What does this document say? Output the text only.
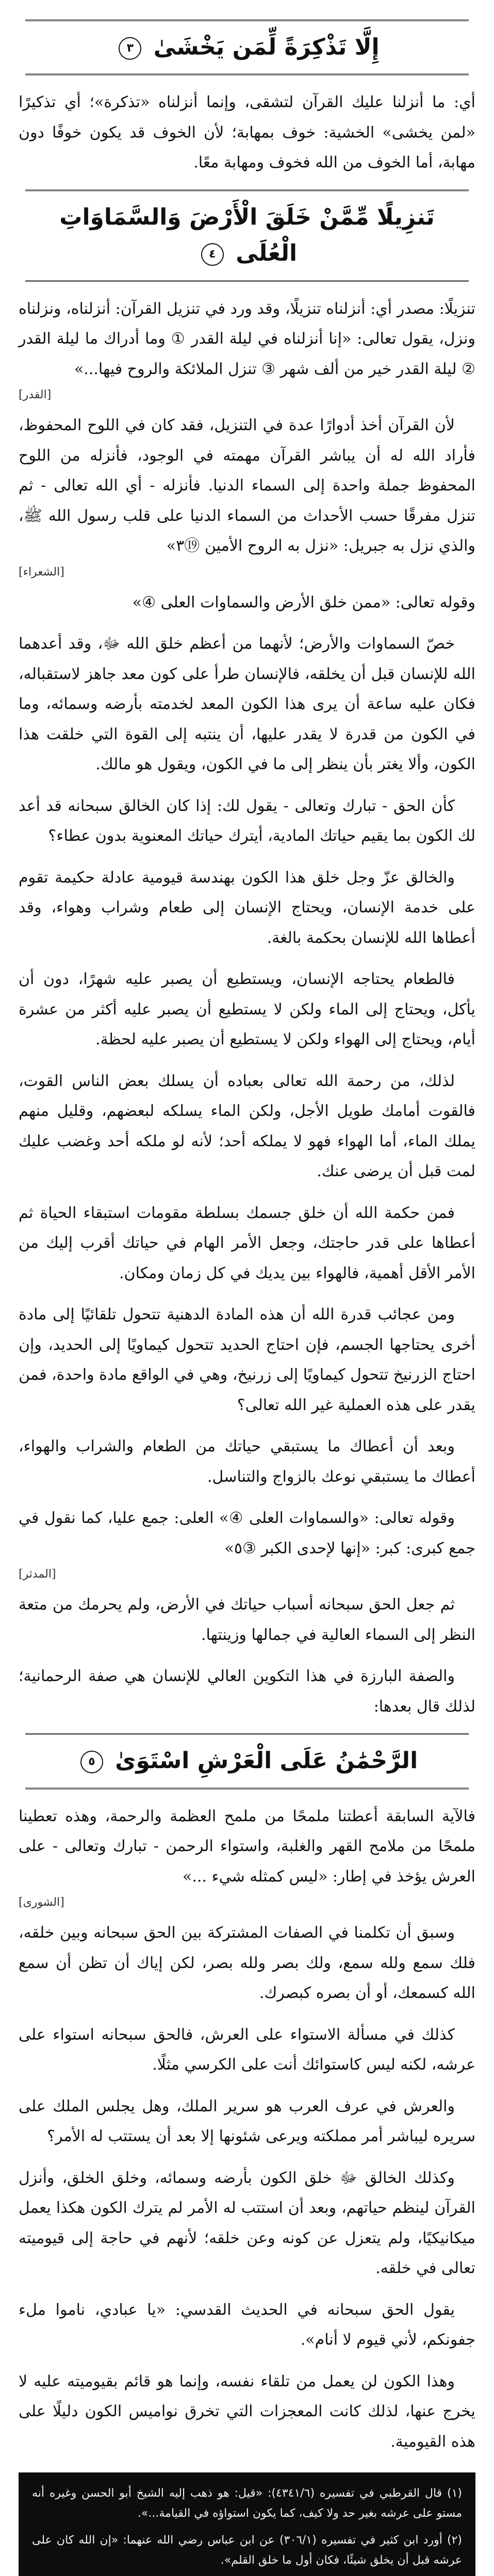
إِلَّا تَذْكِرَةً لِّمَن يَخْشَىٰ ٣

أي: ما أنزلنا عليك القرآن لتشقى، وإنما أنزلناه «تذكرة»؛ أي تذكيرًا «لمن يخشى» الخشية: خوف بمهابة؛ لأن الخوف قد يكون خوفًا دون مهابة، أما الخوف من الله فخوف ومهابة معًا.

تَنزِيلًا مِّمَّنْ خَلَقَ الْأَرْضَ وَالسَّمَاوَاتِ الْعُلَى ٤

تنزيلًا: مصدر أي: أنزلناه تنزيلًا، وقد ورد في تنزيل القرآن: أنزلناه، ونزلناه ونزل، يقول تعالى: «إنا أنزلناه في ليلة القدر ① وما أدراك ما ليلة القدر ② ليلة القدر خير من ألف شهر ③ تنزل الملائكة والروح فيها...»

[القدر]

لأن القرآن أخذ أدوارًا عدة في التنزيل، فقد كان في اللوح المحفوظ، فأراد الله له أن يباشر القرآن مهمته في الوجود، فأنزله من اللوح المحفوظ جملة واحدة إلى السماء الدنيا. فأنزله - أي الله تعالى - ثم تنزل مفرقًا حسب الأحداث من السماء الدنيا على قلب رسول الله ﷺ، والذي نزل به جبريل: «نزل به الروح الأمين ⑲٣»

[الشعراء]

وقوله تعالى: «ممن خلق الأرض والسماوات العلى ④»

خصّ السماوات والأرض؛ لأنهما من أعظم خلق الله ﷻ، وقد أعدهما الله للإنسان قبل أن يخلقه، فالإنسان طرأ على كون معد جاهز لاستقباله، فكان عليه ساعة أن يرى هذا الكون المعد لخدمته بأرضه وسمائه، وما في الكون من قدرة لا يقدر عليها، أن ينتبه إلى القوة التي خلقت هذا الكون، وألا يغتر بأن ينظر إلى ما في الكون، ويقول هو مالك.

كأن الحق - تبارك وتعالى - يقول لك: إذا كان الخالق سبحانه قد أعد لك الكون بما يقيم حياتك المادية، أيترك حياتك المعنوية بدون عطاء؟

والخالق عزّ وجل خلق هذا الكون بهندسة قيومية عادلة حكيمة تقوم على خدمة الإنسان، ويحتاج الإنسان إلى طعام وشراب وهواء، وقد أعطاها الله للإنسان بحكمة بالغة.

فالطعام يحتاجه الإنسان، ويستطيع أن يصبر عليه شهرًا، دون أن يأكل، ويحتاج إلى الماء ولكن لا يستطيع أن يصبر عليه أكثر من عشرة أيام، ويحتاج إلى الهواء ولكن لا يستطيع أن يصبر عليه لحظة.

لذلك، من رحمة الله تعالى بعباده أن يسلك بعض الناس القوت، فالقوت أمامك طويل الأجل، ولكن الماء يسلكه لبعضهم، وقليل منهم يملك الماء، أما الهواء فهو لا يملكه أحد؛ لأنه لو ملكه أحد وغضب عليك لمت قبل أن يرضى عنك.

فمن حكمة الله أن خلق جسمك بسلطة مقومات استبقاء الحياة ثم أعطاها على قدر حاجتك، وجعل الأمر الهام في حياتك أقرب إليك من الأمر الأقل أهمية، فالهواء بين يديك في كل زمان ومكان.

ومن عجائب قدرة الله أن هذه المادة الدهنية تتحول تلقائيًا إلى مادة أخرى يحتاجها الجسم، فإن احتاج الحديد تتحول كيماويًا إلى الحديد، وإن احتاج الزرنيخ تتحول كيماويًا إلى زرنيخ، وهي في الواقع مادة واحدة، فمن يقدر على هذه العملية غير الله تعالى؟

وبعد أن أعطاك ما يستبقي حياتك من الطعام والشراب والهواء، أعطاك ما يستبقي نوعك بالزواج والتناسل.

وقوله تعالى: «والسماوات العلى ④» العلى: جمع عليا، كما نقول في جمع كبرى: كبر: «إنها لإحدى الكبر ③٥»

[المدثر]

ثم جعل الحق سبحانه أسباب حياتك في الأرض، ولم يحرمك من متعة النظر إلى السماء العالية في جمالها وزينتها.

والصفة البارزة في هذا التكوين العالي للإنسان هي صفة الرحمانية؛ لذلك قال بعدها:

الرَّحْمَٰنُ عَلَى الْعَرْشِ اسْتَوَىٰ ٥

فالآية السابقة أعطتنا ملمحًا من ملمح العظمة والرحمة، وهذه تعطينا ملمحًا من ملامح القهر والغلبة، واستواء الرحمن - تبارك وتعالى - على العرش يؤخذ في إطار: «ليس كمثله شيء ...»

[الشورى]

وسبق أن تكلمنا في الصفات المشتركة بين الحق سبحانه وبين خلقه، فلك سمع ولله سمع، ولك بصر ولله بصر، لكن إياك أن تظن أن سمع الله كسمعك، أو أن بصره كبصرك.

كذلك في مسألة الاستواء على العرش، فالحق سبحانه استواء على عرشه، لكنه ليس كاستوائك أنت على الكرسي مثلًا.

والعرش في عرف العرب هو سرير الملك، وهل يجلس الملك على سريره ليباشر أمر مملكته ويرعى شئونها إلا بعد أن يستتب له الأمر؟

وكذلك الخالق ﷻ خلق الكون بأرضه وسمائه، وخلق الخلق، وأنزل القرآن لينظم حياتهم، وبعد أن استتب له الأمر لم يترك الكون هكذا يعمل ميكانيكيًا، ولم يتعزل عن كونه وعن خلقه؛ لأنهم في حاجة إلى قيوميته تعالى في خلقه.

يقول الحق سبحانه في الحديث القدسي: «يا عبادي، ناموا ملء جفونكم، لأني قيوم لا أنام».

وهذا الكون لن يعمل من تلقاء نفسه، وإنما هو قائم بقيوميته عليه لا يخرج عنها، لذلك كانت المعجزات التي تخرق نواميس الكون دليلًا على هذه القيومية.

(١) قال القرطبي في تفسيره (٤٣٤١/٦): «قيل: هو ذهب إليه الشيخ أبو الحسن وغيره أنه مستو على عرشه بغير حد ولا كيف، كما يكون استواؤه في القيامة...».

(٢) أورد ابن كثير في تفسيره (٣٠٦/١) عن ابن عباس رضي الله عنهما: «إن الله كان على عرشه قبل أن يخلق شيئًا، فكان أول ما خلق القلم».
